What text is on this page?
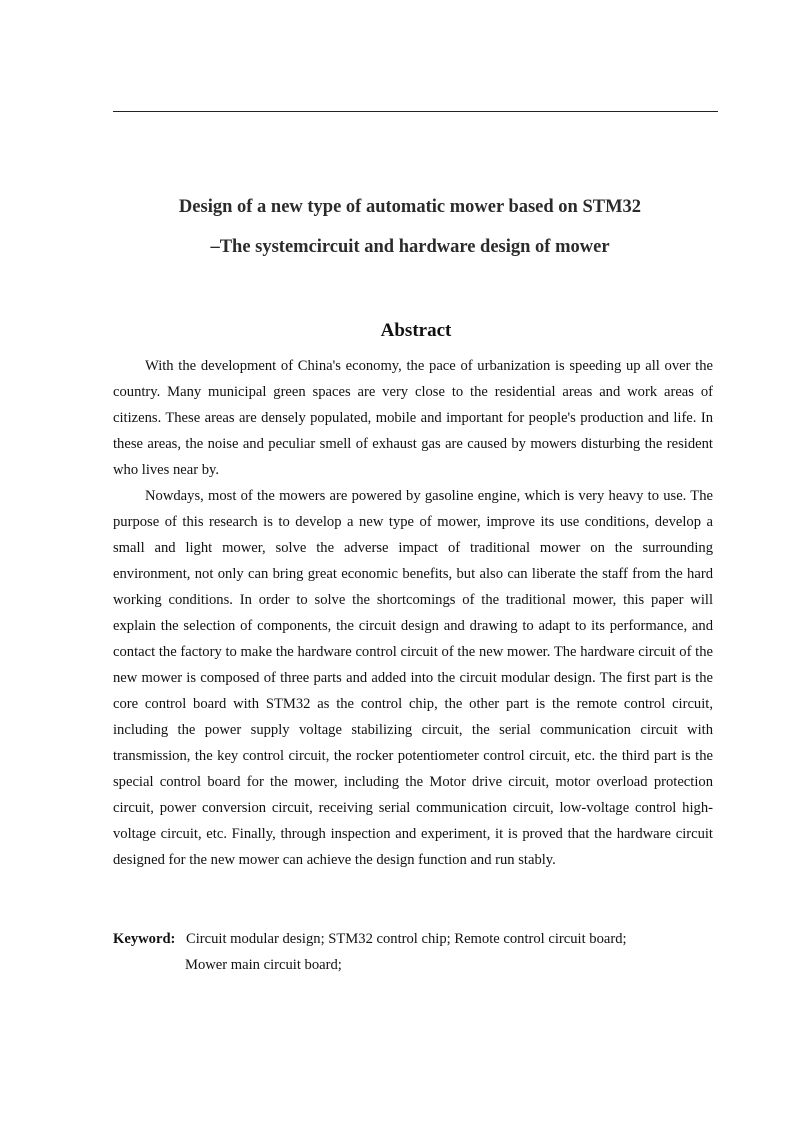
Design of a new type of automatic mower based on STM32
–The systemcircuit and hardware design of mower
Abstract

With the development of China's economy, the pace of urbanization is speeding up all over the country. Many municipal green spaces are very close to the residential areas and work areas of citizens. These areas are densely populated, mobile and important for people's production and life. In these areas, the noise and peculiar smell of exhaust gas are caused by mowers disturbing the resident who lives near by.

Nowdays, most of the mowers are powered by gasoline engine, which is very heavy to use. The purpose of this research is to develop a new type of mower, improve its use conditions, develop a small and light mower, solve the adverse impact of traditional mower on the surrounding environment, not only can bring great economic benefits, but also can liberate the staff from the hard working conditions. In order to solve the shortcomings of the traditional mower, this paper will explain the selection of components, the circuit design and drawing to adapt to its performance, and contact the factory to make the hardware control circuit of the new mower. The hardware circuit of the new mower is composed of three parts and added into the circuit modular design. The first part is the core control board with STM32 as the control chip, the other part is the remote control circuit, including the power supply voltage stabilizing circuit, the serial communication circuit with transmission, the key control circuit, the rocker potentiometer control circuit, etc. the third part is the special control board for the mower, including the Motor drive circuit, motor overload protection circuit, power conversion circuit, receiving serial communication circuit, low-voltage control high-voltage circuit, etc. Finally, through inspection and experiment, it is proved that the hardware circuit designed for the new mower can achieve the design function and run stably.

Keyword: Circuit modular design; STM32 control chip; Remote control circuit board;
Mower main circuit board;
